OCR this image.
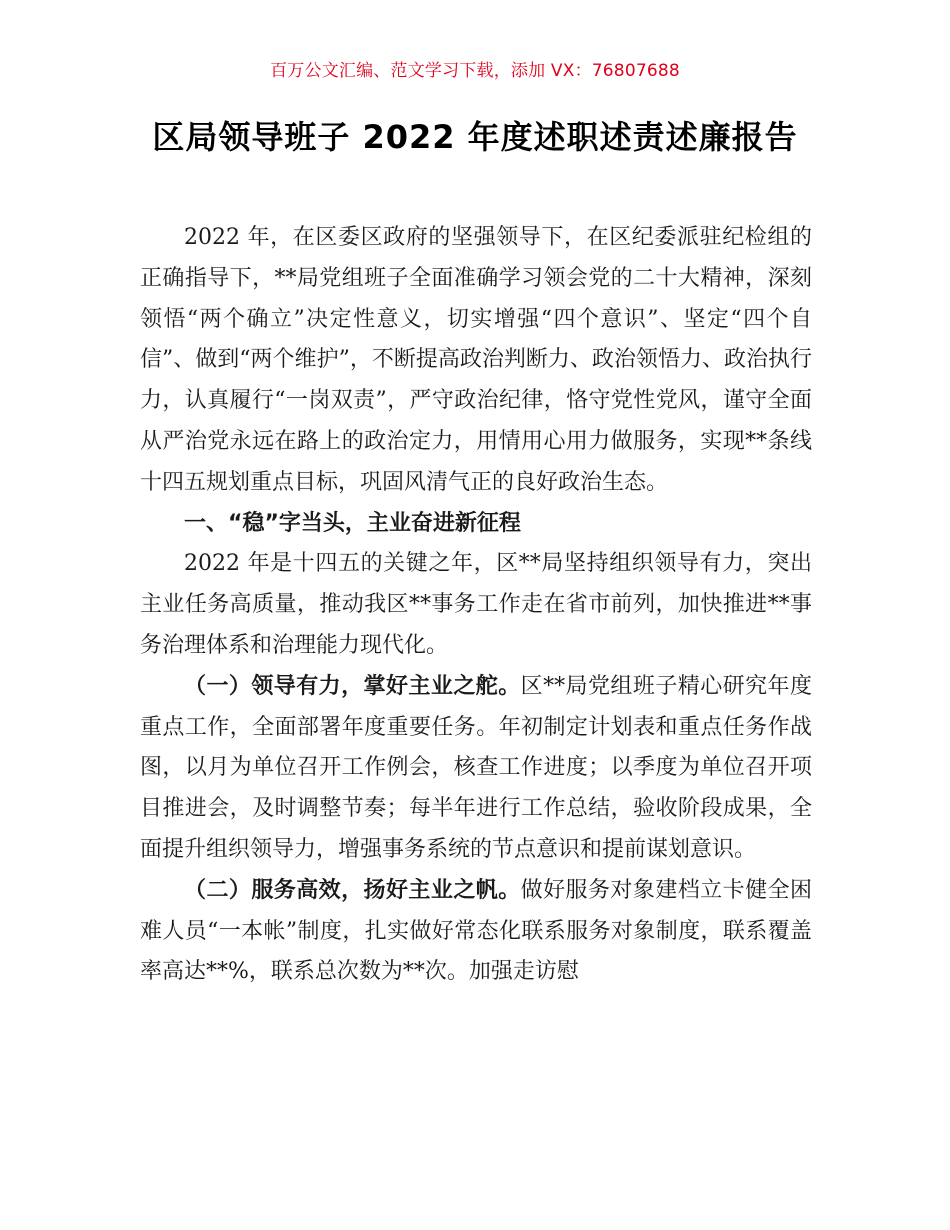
百万公文汇编、范文学习下载，添加 VX：76807688
区局领导班子 2022 年度述职述责述廉报告

2022 年，在区委区政府的坚强领导下，在区纪委派驻纪检组的正确指导下，**局党组班子全面准确学习领会党的二十大精神，深刻领悟“两个确立”决定性意义，切实增强“四个意识”、坚定“四个自信”、做到“两个维护”，不断提高政治判断力、政治领悟力、政治执行力，认真履行“一岗双责”，严守政治纪律，恪守党性党风，谨守全面从严治党永远在路上的政治定力，用情用心用力做服务，实现**条线十四五规划重点目标，巩固风清气正的良好政治生态。

一、“稳”字当头，主业奋进新征程

2022 年是十四五的关键之年，区**局坚持组织领导有力，突出主业任务高质量，推动我区**事务工作走在省市前列，加快推进**事务治理体系和治理能力现代化。

（一）领导有力，掌好主业之舵。区**局党组班子精心研究年度重点工作，全面部署年度重要任务。年初制定计划表和重点任务作战图，以月为单位召开工作例会，核查工作进度；以季度为单位召开项目推进会，及时调整节奏；每半年进行工作总结，验收阶段成果，全面提升组织领导力，增强事务系统的节点意识和提前谋划意识。

（二）服务高效，扬好主业之帆。做好服务对象建档立卡健全困难人员“一本帐”制度，扎实做好常态化联系服务对象制度，联系覆盖率高达**%，联系总次数为**次。加强走访慰
